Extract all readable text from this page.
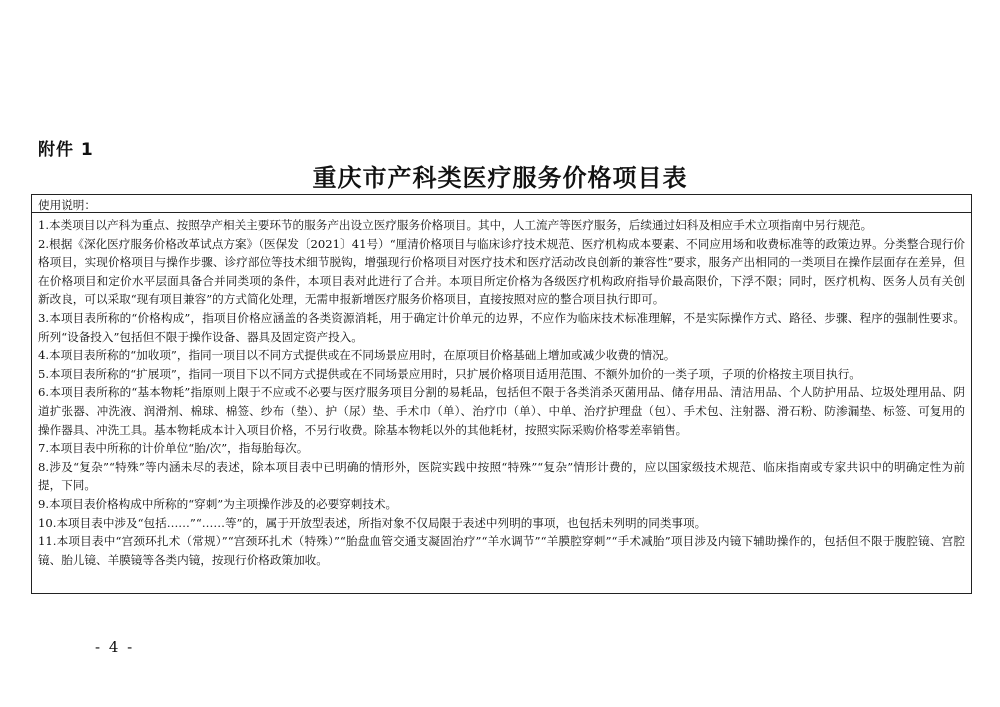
附件 1
重庆市产科类医疗服务价格项目表
使用说明：
1.本类项目以产科为重点、按照孕产相关主要环节的服务产出设立医疗服务价格项目。其中，人工流产等医疗服务，后续通过妇科及相应手术立项指南中另行规范。
2.根据《深化医疗服务价格改革试点方案》（医保发〔2021〕41号）“厘清价格项目与临床诊疗技术规范、医疗机构成本要素、不同应用场和收费标准等的政策边界。分类整合现行价格项目，实现价格项目与操作步骤、诊疗部位等技术细节脱钩，增强现行价格项目对医疗技术和医疗活动改良创新的兼容性”要求，服务产出相同的一类项目在操作层面存在差异，但在价格项目和定价水平层面具备合并同类项的条件，本项目表对此进行了合并。本项目所定价格为各级医疗机构政府指导价最高限价，下浮不限；同时，医疗机构、医务人员有关创新改良，可以采取“现有项目兼容”的方式简化处理，无需申报新增医疗服务价格项目，直接按照对应的整合项目执行即可。
3.本项目表所称的“价格构成”，指项目价格应涵盖的各类资源消耗，用于确定计价单元的边界，不应作为临床技术标准理解，不是实际操作方式、路径、步骤、程序的强制性要求。所列“设备投入”包括但不限于操作设备、器具及固定资产投入。
4.本项目表所称的“加收项”，指同一项目以不同方式提供或在不同场景应用时，在原项目价格基础上增加或减少收费的情况。
5.本项目表所称的“扩展项”，指同一项目下以不同方式提供或在不同场景应用时，只扩展价格项目适用范围、不额外加价的一类子项，子项的价格按主项目执行。
6.本项目表所称的“基本物耗”指原则上限于不应或不必要与医疗服务项目分割的易耗品，包括但不限于各类消杀灭菌用品、储存用品、清洁用品、个人防护用品、垃圾处理用品、阴道扩张器、冲洗液、润滑剂、棉球、棉签、纱布（垫）、护（尿）垫、手术巾（单）、治疗巾（单）、中单、治疗护理盘（包）、手术包、注射器、滑石粉、防渗漏垫、标签、可复用的操作器具、冲洗工具。基本物耗成本计入项目价格，不另行收费。除基本物耗以外的其他耗材，按照实际采购价格零差率销售。
7.本项目表中所称的计价单位“胎/次”，指每胎每次。
8.涉及“复杂”“特殊”等内涵未尽的表述，除本项目表中已明确的情形外，医院实践中按照“特殊”“复杂”情形计费的，应以国家级技术规范、临床指南或专家共识中的明确定性为前提，下同。
9.本项目表价格构成中所称的“穿刺”为主项操作涉及的必要穿刺技术。
10.本项目表中涉及“包括……”“……等”的，属于开放型表述，所指对象不仅局限于表述中列明的事项，也包括未列明的同类事项。
11.本项目表中“宫颈环扎术（常规）”“宫颈环扎术（特殊）”“胎盘血管交通支凝固治疗”“羊水调节”“羊膜腔穿刺”“手术减胎”项目涉及内镜下辅助操作的，包括但不限于腹腔镜、宫腔镜、胎儿镜、羊膜镜等各类内镜，按现行价格政策加收。
- 4 -
